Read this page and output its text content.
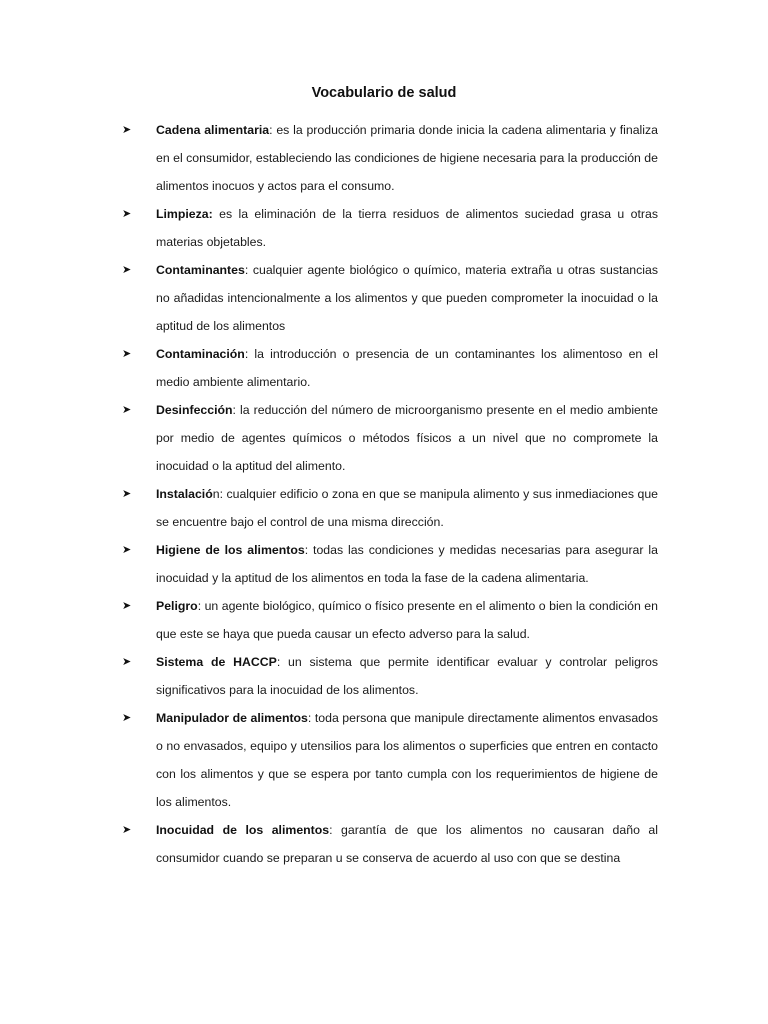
Vocabulario de salud
➤ Cadena alimentaria: es la producción primaria donde inicia la cadena alimentaria y finaliza en el consumidor, estableciendo las condiciones de higiene necesaria para la producción de alimentos inocuos y actos para el consumo.
➤ Limpieza: es la eliminación de la tierra residuos de alimentos suciedad grasa u otras materias objetables.
➤ Contaminantes: cualquier agente biológico o químico, materia extraña u otras sustancias no añadidas intencionalmente a los alimentos y que pueden comprometer la inocuidad o la aptitud de los alimentos
➤ Contaminación: la introducción o presencia de un contaminantes los alimentoso en el medio ambiente alimentario.
➤ Desinfección: la reducción del número de microorganismo presente en el medio ambiente por medio de agentes químicos o métodos físicos a un nivel que no compromete la inocuidad o la aptitud del alimento.
➤ Instalación: cualquier edificio o zona en que se manipula alimento y sus inmediaciones que se encuentre bajo el control de una misma dirección.
➤ Higiene de los alimentos: todas las condiciones y medidas necesarias para asegurar la inocuidad y la aptitud de los alimentos en toda la fase de la cadena alimentaria.
➤ Peligro: un agente biológico, químico o físico presente en el alimento o bien la condición en que este se haya que pueda causar un efecto adverso para la salud.
➤ Sistema de HACCP: un sistema que permite identificar evaluar y controlar peligros significativos para la inocuidad de los alimentos.
➤ Manipulador de alimentos: toda persona que manipule directamente alimentos envasados o no envasados, equipo y utensilios para los alimentos o superficies que entren en contacto con los alimentos y que se espera por tanto cumpla con los requerimientos de higiene de los alimentos.
➤ Inocuidad de los alimentos: garantía de que los alimentos no causaran daño al consumidor cuando se preparan u se conserva de acuerdo al uso con que se destina
